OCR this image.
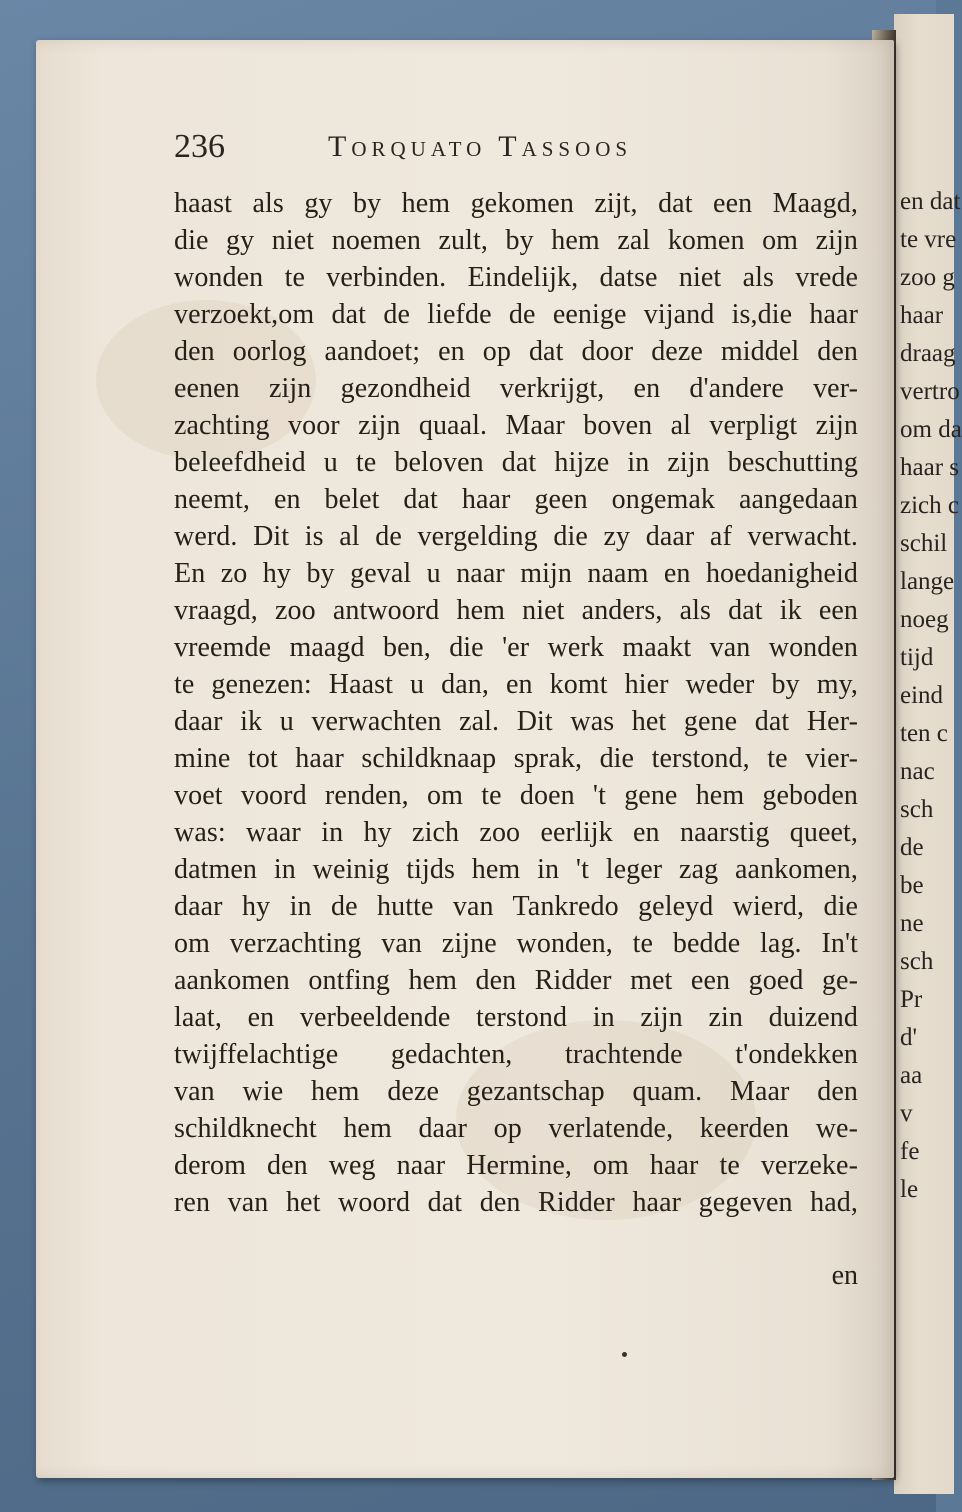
en dat
te vre
zoo g
haar
draag
vertro
om da
haar s
zich c
schil
lange
noeg
tijd
eind
ten c
nac
sch
de
be
ne
sch
Pr
d'
aa
v
fe
le
236	Torquato Tassoos
haast als gy by hem gekomen zijt, dat een Maagd,
die gy niet noemen zult, by hem zal komen om zijn
wonden te verbinden. Eindelijk, datse niet als vrede
verzoekt,om dat de liefde de eenige vijand is,die haar
den oorlog aandoet; en op dat door deze middel den
eenen zijn gezondheid verkrijgt, en d'andere ver-
zachting voor zijn quaal. Maar boven al verpligt zijn
beleefdheid u te beloven dat hijze in zijn beschutting
neemt, en belet dat haar geen ongemak aangedaan
werd. Dit is al de vergelding die zy daar af verwacht.
En zo hy by geval u naar mijn naam en hoedanigheid
vraagd, zoo antwoord hem niet anders, als dat ik een
vreemde maagd ben, die 'er werk maakt van wonden
te genezen: Haast u dan, en komt hier weder by my,
daar ik u verwachten zal. Dit was het gene dat Her-
mine tot haar schildknaap sprak, die terstond, te vier-
voet voord renden, om te doen 't gene hem geboden
was: waar in hy zich zoo eerlijk en naarstig queet,
datmen in weinig tijds hem in 't leger zag aankomen,
daar hy in de hutte van Tankredo geleyd wierd, die
om verzachting van zijne wonden, te bedde lag. In't
aankomen ontfing hem den Ridder met een goed ge-
laat, en verbeeldende terstond in zijn zin duizend
twijffelachtige gedachten, trachtende t'ondekken
van wie hem deze gezantschap quam. Maar den
schildknecht hem daar op verlatende, keerden we-
derom den weg naar Hermine, om haar te verzeke-
ren van het woord dat den Ridder haar gegeven had,
en
